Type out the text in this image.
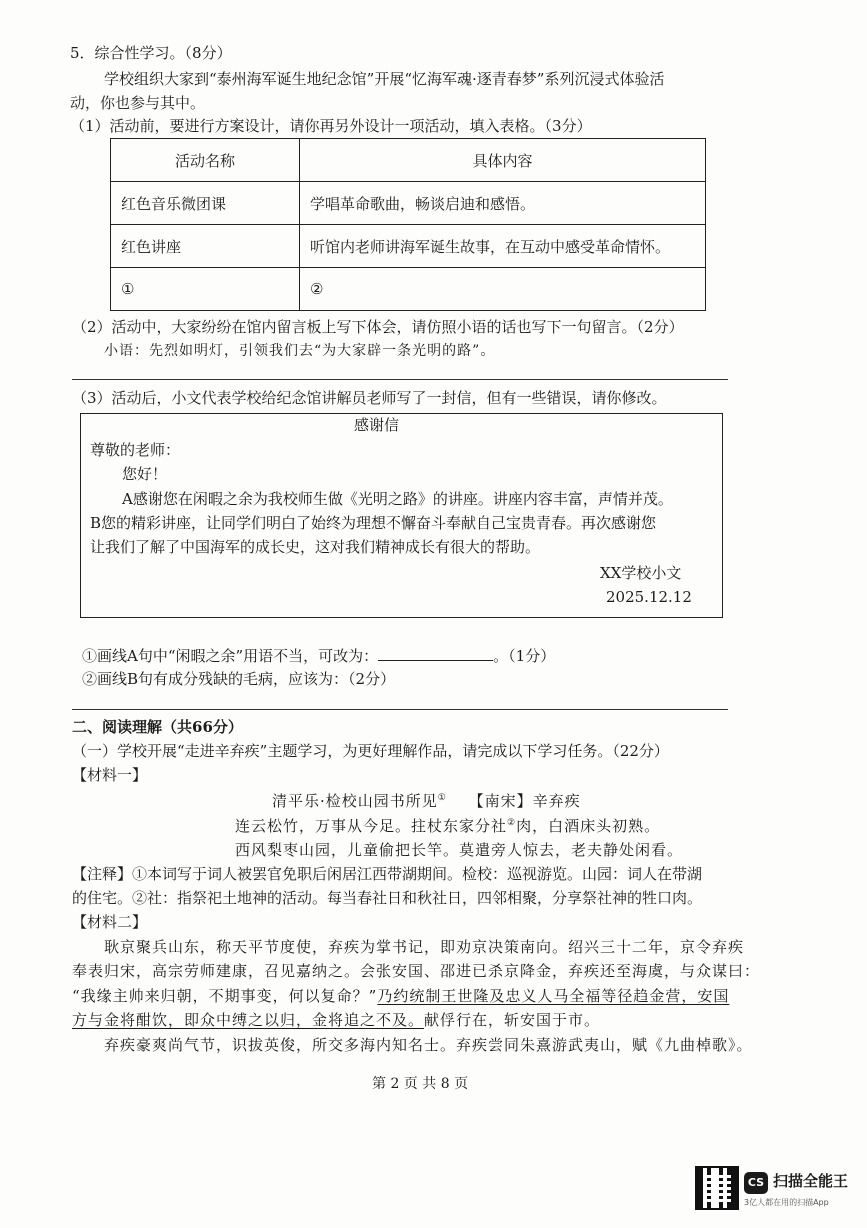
5．综合性学习。（8分）
学校组织大家到“泰州海军诞生地纪念馆”开展“忆海军魂·逐青春梦”系列沉浸式体验活
动，你也参与其中。
（1）活动前，要进行方案设计，请你再另外设计一项活动，填入表格。（3分）
活动名称	具体内容
红色音乐微团课	学唱革命歌曲，畅谈启迪和感悟。
红色讲座	听馆内老师讲海军诞生故事，在互动中感受革命情怀。
①	②
（2）活动中，大家纷纷在馆内留言板上写下体会，请仿照小语的话也写下一句留言。（2分）
小语：先烈如明灯，引领我们去“为大家辟一条光明的路”。
（3）活动后，小文代表学校给纪念馆讲解员老师写了一封信，但有一些错误，请你修改。
感谢信
尊敬的老师：
您好！
A感谢您在闲暇之余为我校师生做《光明之路》的讲座。讲座内容丰富，声情并茂。
B您的精彩讲座，让同学们明白了始终为理想不懈奋斗奉献自己宝贵青春。再次感谢您
让我们了解了中国海军的成长史，这对我们精神成长有很大的帮助。
XX学校小文
2025.12.12
①画线A句中“闲暇之余”用语不当，可改为：	。（1分）
②画线B句有成分残缺的毛病，应该为：（2分）
二、阅读理解（共66分）
（一）学校开展“走进辛弃疾”主题学习，为更好理解作品，请完成以下学习任务。（22分）
【材料一】
清平乐·检校山园书所见① 【南宋】辛弃疾
连云松竹，万事从今足。拄杖东家分社②肉，白酒床头初熟。
西风梨枣山园，儿童偷把长竿。莫遣旁人惊去，老夫静处闲看。
【注释】①本词写于词人被罢官免职后闲居江西带湖期间。检校：巡视游览。山园：词人在带湖
的住宅。②社：指祭祀土地神的活动。每当春社日和秋社日，四邻相聚，分享祭社神的牲口肉。
【材料二】
耿京聚兵山东，称天平节度使，弃疾为掌书记，即劝京决策南向。绍兴三十二年，京令弃疾
奉表归宋，高宗劳师建康，召见嘉纳之。会张安国、邵进已杀京降金，弃疾还至海虞，与众谋曰：
“我缘主帅来归朝，不期事变，何以复命？”乃约统制王世隆及忠义人马全福等径趋金营，安国
方与金将酣饮，即众中缚之以归，金将追之不及。献俘行在，斩安国于市。
弃疾豪爽尚气节，识拔英俊，所交多海内知名士。弃疾尝同朱熹游武夷山，赋《九曲棹歌》。
第 2 页 共 8 页
CS 扫描全能王
3亿人都在用的扫描App
